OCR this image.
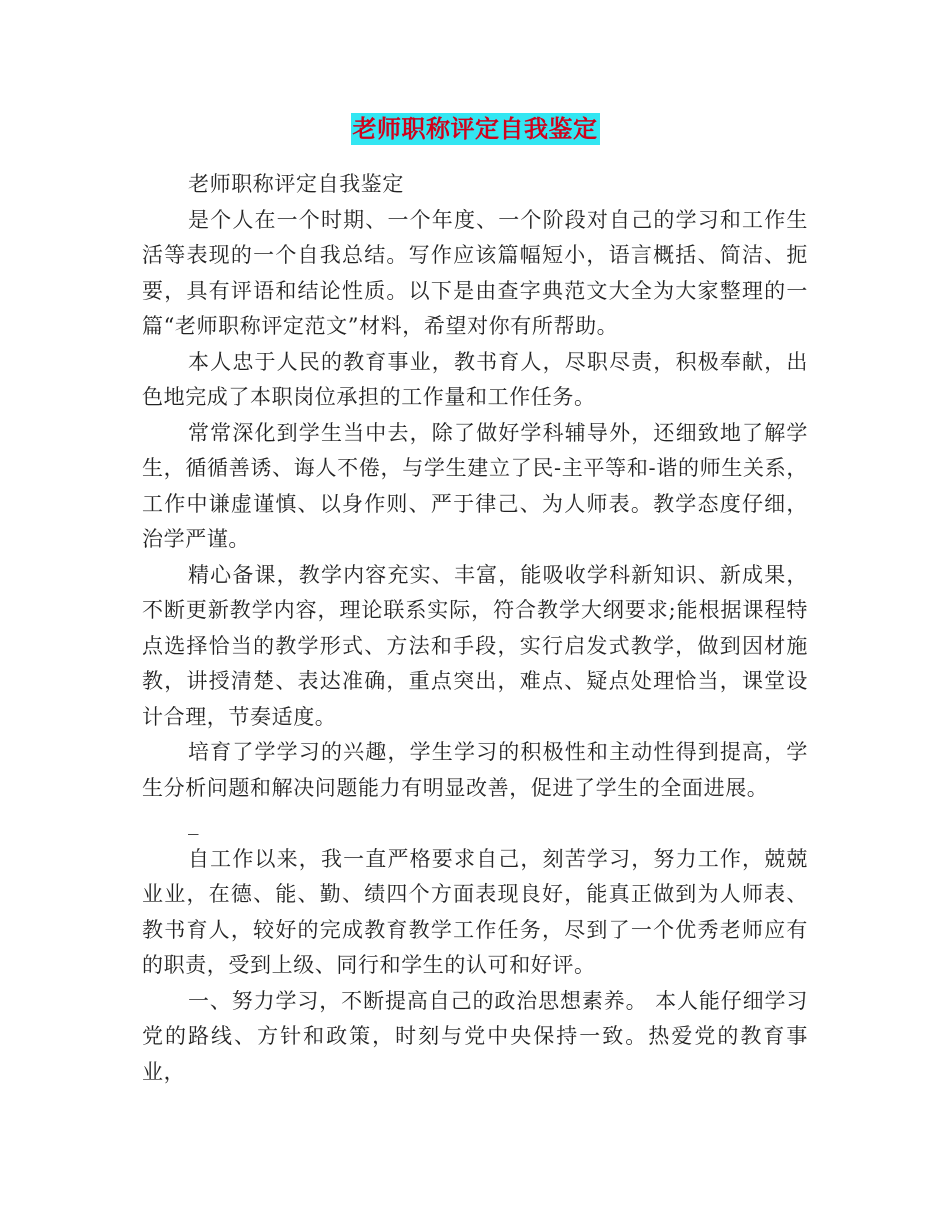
老师职称评定自我鉴定

老师职称评定自我鉴定

是个人在一个时期、一个年度、一个阶段对自己的学习和工作生活等表现的一个自我总结。写作应该篇幅短小，语言概括、简洁、扼要，具有评语和结论性质。以下是由查字典范文大全为大家整理的一篇“老师职称评定范文”材料，希望对你有所帮助。

本人忠于人民的教育事业，教书育人，尽职尽责，积极奉献，出色地完成了本职岗位承担的工作量和工作任务。

常常深化到学生当中去，除了做好学科辅导外，还细致地了解学生，循循善诱、诲人不倦，与学生建立了民-主平等和-谐的师生关系，工作中谦虚谨慎、以身作则、严于律己、为人师表。教学态度仔细，治学严谨。

精心备课，教学内容充实、丰富，能吸收学科新知识、新成果，不断更新教学内容，理论联系实际，符合教学大纲要求;能根据课程特点选择恰当的教学形式、方法和手段，实行启发式教学，做到因材施教，讲授清楚、表达准确，重点突出，难点、疑点处理恰当，课堂设计合理，节奏适度。

培育了学学习的兴趣，学生学习的积极性和主动性得到提高，学生分析问题和解决问题能力有明显改善，促进了学生的全面进展。

_

自工作以来，我一直严格要求自己，刻苦学习，努力工作，兢兢业业，在德、能、勤、绩四个方面表现良好，能真正做到为人师表、教书育人，较好的完成教育教学工作任务，尽到了一个优秀老师应有的职责，受到上级、同行和学生的认可和好评。

一、努力学习，不断提高自己的政治思想素养。 本人能仔细学习党的路线、方针和政策，时刻与党中央保持一致。热爱党的教育事业，
